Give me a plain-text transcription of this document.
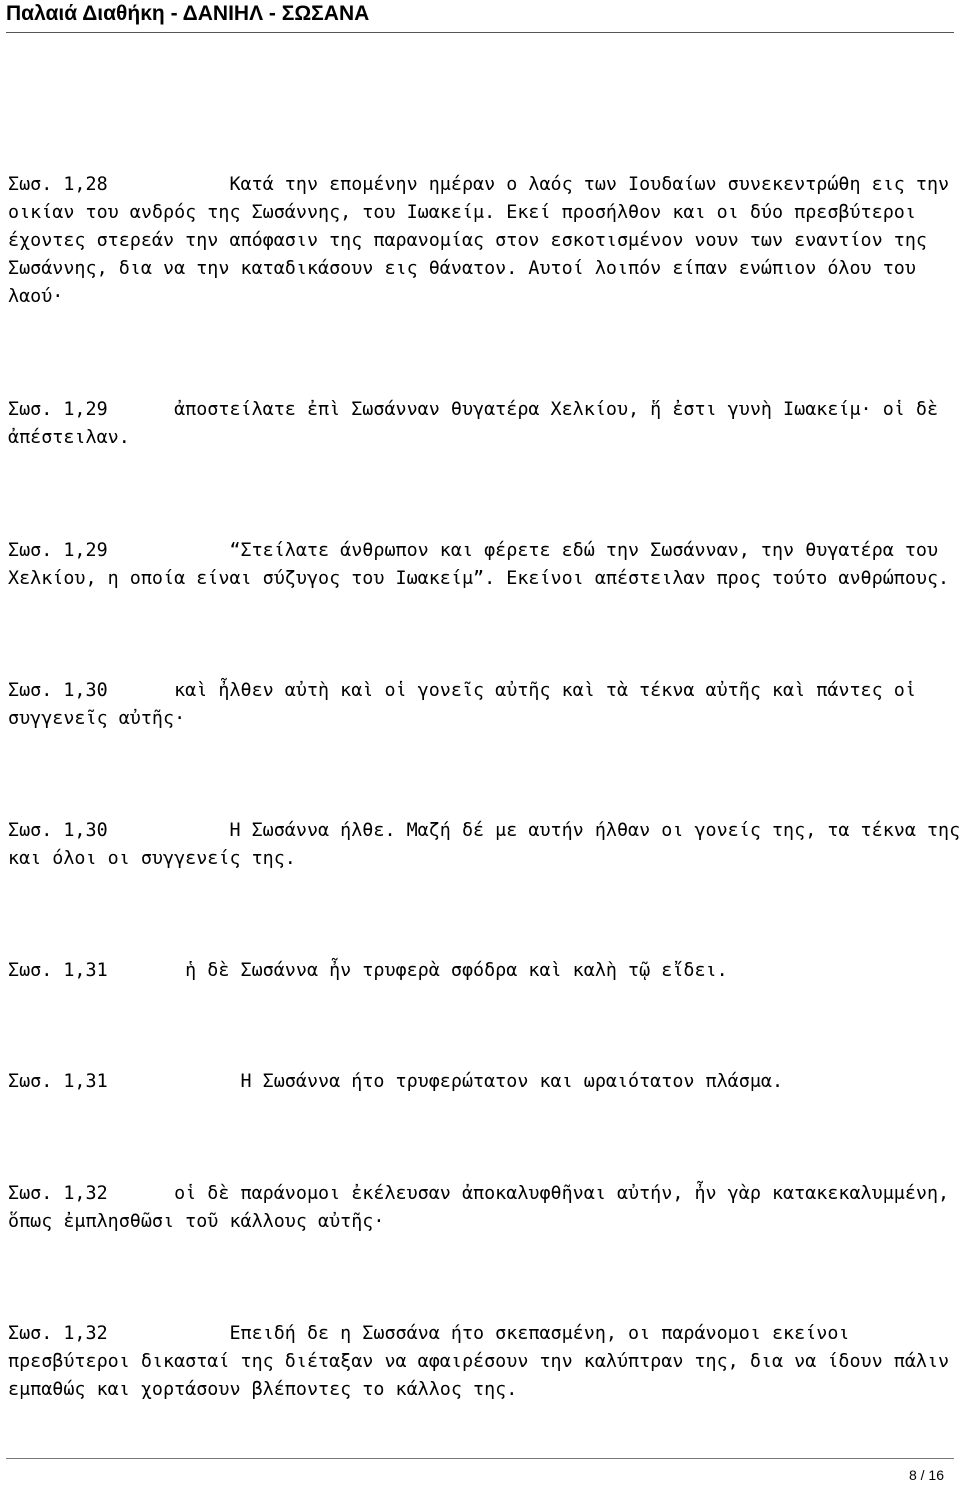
Παλαιά Διαθήκη - ΔΑΝΙΗΛ - ΣΩΣΑΝΑ
Σωσ. 1,28           Κατά την επομένην ημέραν ο λαός των Ιουδαίων συνεκεντρώθη εις την
οικίαν του ανδρός της Σωσάννης, του Ιωακείμ. Εκεί προσήλθον και οι δύο πρεσβύτεροι
έχοντες στερεάν την απόφασιν της παρανομίας στον εσκοτισμένον νουν των εναντίον της
Σωσάννης, δια να την καταδικάσουν εις θάνατον. Αυτοί λοιπόν είπαν ενώπιον όλου του
λαού·
Σωσ. 1,29      ἀποστείλατε ἐπὶ Σωσάνναν θυγατέρα Χελκίου, ἥ ἐστι γυνὴ Ιωακείμ· οἱ δὲ
ἀπέστειλαν.
Σωσ. 1,29           “Στείλατε άνθρωπον και φέρετε εδώ την Σωσάνναν, την θυγατέρα του
Χελκίου, η οποία είναι σύζυγος του Ιωακείμ”. Εκείνοι απέστειλαν προς τούτο ανθρώπους.
Σωσ. 1,30      καὶ ἦλθεν αὐτὴ καὶ οἱ γονεῖς αὐτῆς καὶ τὰ τέκνα αὐτῆς καὶ πάντες οἱ
συγγενεῖς αὐτῆς·
Σωσ. 1,30           Η Σωσάννα ήλθε. Μαζή δέ με αυτήν ήλθαν οι γονείς της, τα τέκνα της
και όλοι οι συγγενείς της.
Σωσ. 1,31       ἡ δὲ Σωσάννα ἦν τρυφερὰ σφόδρα καὶ καλὴ τῷ εἴδει.
Σωσ. 1,31            Η Σωσάννα ήτο τρυφερώτατον και ωραιότατον πλάσμα.
Σωσ. 1,32      οἱ δὲ παράνομοι ἐκέλευσαν ἀποκαλυφθῆναι αὐτήν, ἦν γὰρ κατακεκαλυμμένη,
ὅπως ἐμπλησθῶσι τοῦ κάλλους αὐτῆς·
Σωσ. 1,32           Επειδή δε η Σωσσάνα ήτο σκεπασμένη, οι παράνομοι εκείνοι
πρεσβύτεροι δικασταί της διέταξαν να αφαιρέσουν την καλύπτραν της, δια να ίδουν πάλιν
εμπαθώς και χορτάσουν βλέποντες το κάλλος της.
8 / 16
